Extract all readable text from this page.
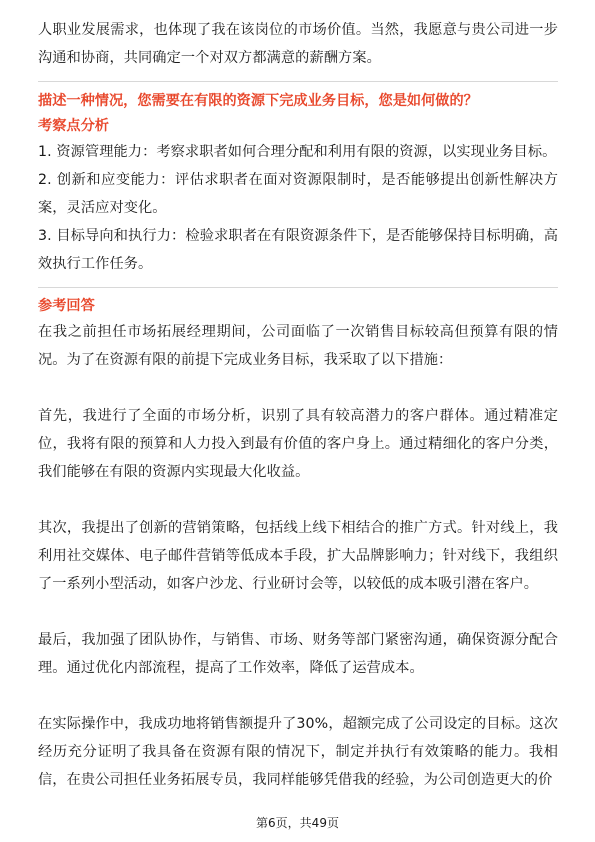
人职业发展需求，也体现了我在该岗位的市场价值。当然，我愿意与贵公司进一步沟通和协商，共同确定一个对双方都满意的薪酬方案。

描述一种情况，您需要在有限的资源下完成业务目标，您是如何做的？

考察点分析

1. 资源管理能力：考察求职者如何合理分配和利用有限的资源，以实现业务目标。

2. 创新和应变能力：评估求职者在面对资源限制时，是否能够提出创新性解决方案，灵活应对变化。

3. 目标导向和执行力：检验求职者在有限资源条件下，是否能够保持目标明确，高效执行工作任务。

参考回答

在我之前担任市场拓展经理期间，公司面临了一次销售目标较高但预算有限的情况。为了在资源有限的前提下完成业务目标，我采取了以下措施：

首先，我进行了全面的市场分析，识别了具有较高潜力的客户群体。通过精准定位，我将有限的预算和人力投入到最有价值的客户身上。通过精细化的客户分类，我们能够在有限的资源内实现最大化收益。

其次，我提出了创新的营销策略，包括线上线下相结合的推广方式。针对线上，我利用社交媒体、电子邮件营销等低成本手段，扩大品牌影响力；针对线下，我组织了一系列小型活动，如客户沙龙、行业研讨会等，以较低的成本吸引潜在客户。

最后，我加强了团队协作，与销售、市场、财务等部门紧密沟通，确保资源分配合理。通过优化内部流程，提高了工作效率，降低了运营成本。

在实际操作中，我成功地将销售额提升了30%，超额完成了公司设定的目标。这次经历充分证明了我具备在资源有限的情况下，制定并执行有效策略的能力。我相信，在贵公司担任业务拓展专员，我同样能够凭借我的经验，为公司创造更大的价

第6页，共49页
